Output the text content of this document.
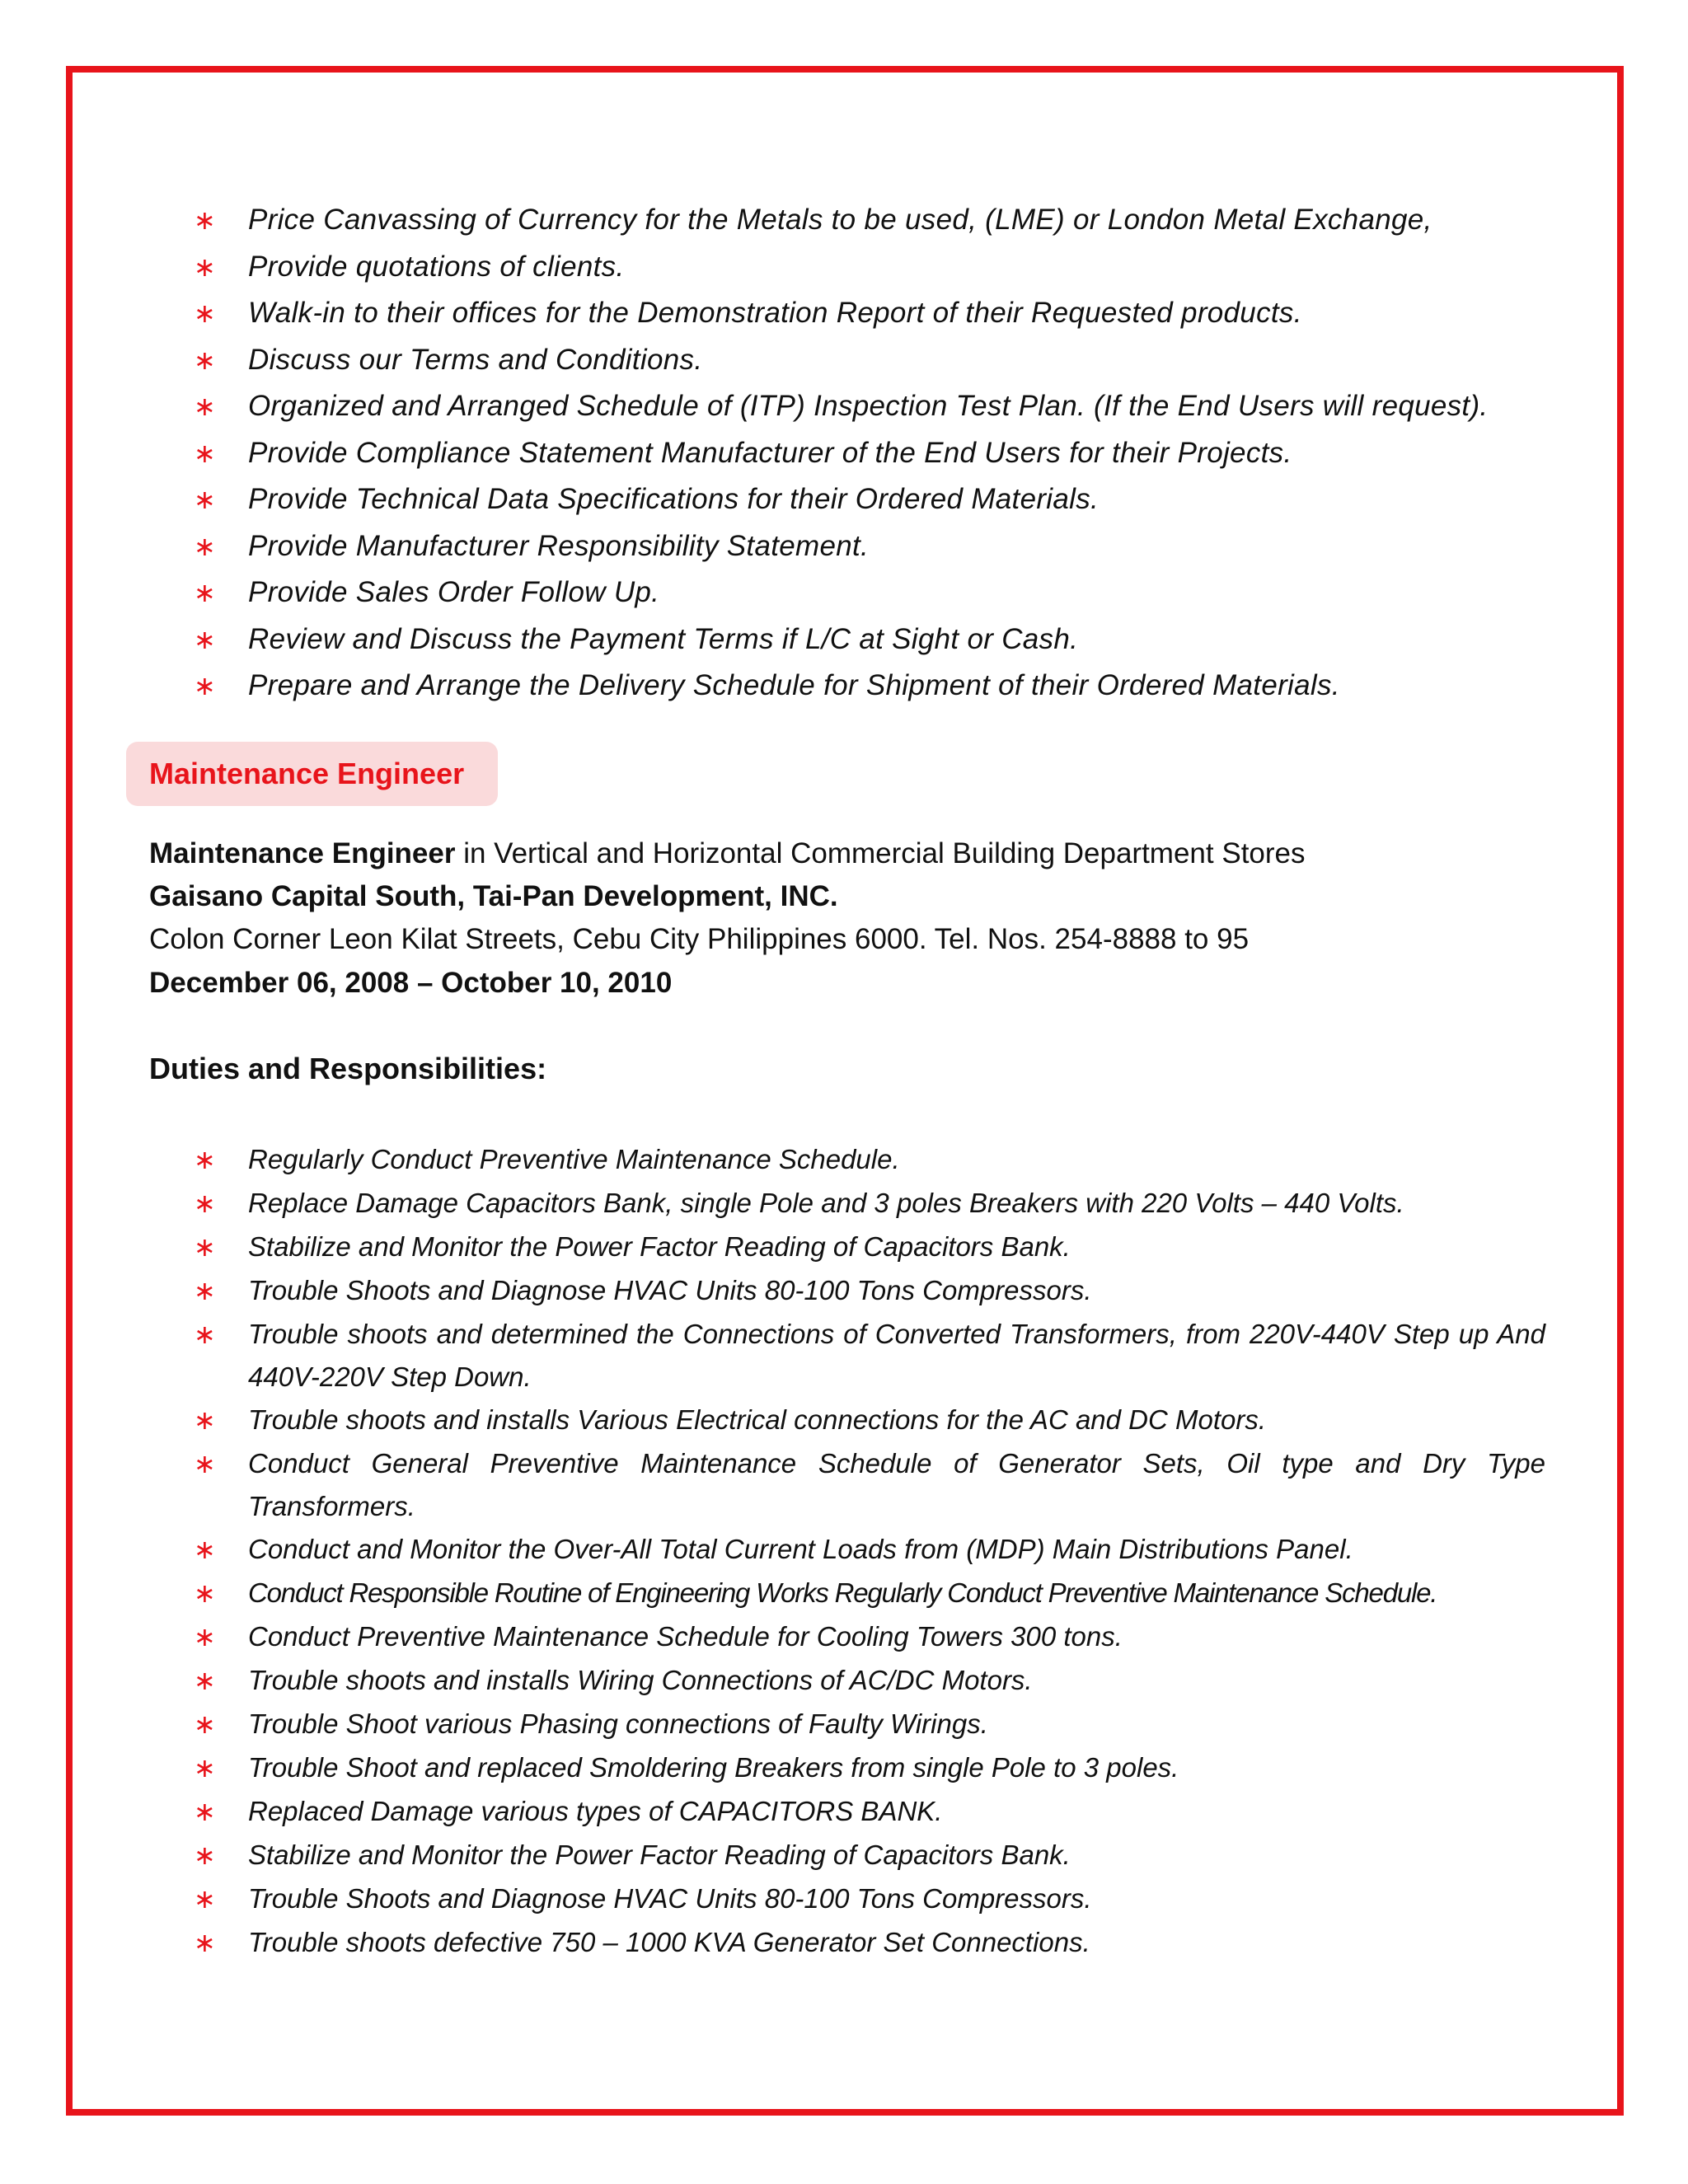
∗ Price Canvassing of Currency for the Metals to be used, (LME) or London Metal Exchange,
∗ Provide quotations of clients.
∗ Walk-in to their offices for the Demonstration Report of their Requested products.
∗ Discuss our Terms and Conditions.
∗ Organized and Arranged Schedule of (ITP) Inspection Test Plan. (If the End Users will request).
∗ Provide Compliance Statement Manufacturer of the End Users for their Projects.
∗ Provide Technical Data Specifications for their Ordered Materials.
∗ Provide Manufacturer Responsibility Statement.
∗ Provide Sales Order Follow Up.
∗ Review and Discuss the Payment Terms if L/C at Sight or Cash.
∗ Prepare and Arrange the Delivery Schedule for Shipment of their Ordered Materials.
Maintenance Engineer
Maintenance Engineer in Vertical and Horizontal Commercial Building Department Stores
Gaisano Capital South, Tai-Pan Development, INC.
Colon Corner Leon Kilat Streets, Cebu City Philippines 6000. Tel. Nos. 254-8888 to 95
December 06, 2008 – October 10, 2010
Duties and Responsibilities:
∗ Regularly Conduct Preventive Maintenance Schedule.
∗ Replace Damage Capacitors Bank, single Pole and 3 poles Breakers with 220 Volts – 440 Volts.
∗ Stabilize and Monitor the Power Factor Reading of Capacitors Bank.
∗ Trouble Shoots and Diagnose HVAC Units 80-100 Tons Compressors.
∗ Trouble shoots and determined the Connections of Converted Transformers, from 220V-440V Step up And 440V-220V Step Down.
∗ Trouble shoots and installs Various Electrical connections for the AC and DC Motors.
∗ Conduct General Preventive Maintenance Schedule of Generator Sets, Oil type and Dry Type Transformers.
∗ Conduct and Monitor the Over-All Total Current Loads from (MDP) Main Distributions Panel.
∗ Conduct Responsible Routine of Engineering Works Regularly Conduct Preventive Maintenance Schedule.
∗ Conduct Preventive Maintenance Schedule for Cooling Towers 300 tons.
∗ Trouble shoots and installs Wiring Connections of AC/DC Motors.
∗ Trouble Shoot various Phasing connections of Faulty Wirings.
∗ Trouble Shoot and replaced Smoldering Breakers from single Pole to 3 poles.
∗ Replaced Damage various types of CAPACITORS BANK.
∗ Stabilize and Monitor the Power Factor Reading of Capacitors Bank.
∗ Trouble Shoots and Diagnose HVAC Units 80-100 Tons Compressors.
∗ Trouble shoots defective 750 – 1000 KVA Generator Set Connections.
